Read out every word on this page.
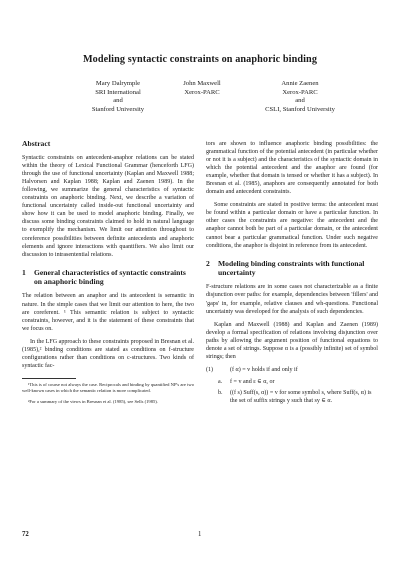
Modeling syntactic constraints on anaphoric binding
Mary Dalrymple
SRI International
and
Stanford University
John Maxwell
Xerox-PARC
Annie Zaenen
Xerox-PARC
and
CSLI, Stanford University
Abstract

Syntactic constraints on antecedent-anaphor relations can be stated within the theory of Lexical Functional Grammar (henceforth LFG) through the use of functional uncertainty (Kaplan and Maxwell 1988; Halvorsen and Kaplan 1988; Kaplan and Zaenen 1989). In the following, we summarize the general characteristics of syntactic constraints on anaphoric binding. Next, we describe a variation of functional uncertainty called inside-out functional uncertainty and show how it can be used to model anaphoric binding. Finally, we discuss some binding constraints claimed to hold in natural language to exemplify the mechanism. We limit our attention throughout to coreference possibilities between definite antecedents and anaphoric elements and ignore interactions with quantifiers. We also limit our discussion to intrasentential relations.

1	General characteristics of syntactic constraints on anaphoric binding

The relation between an anaphor and its antecedent is semantic in nature. In the simple cases that we limit our attention to here, the two are coreferent. ¹ This semantic relation is subject to syntactic constraints, however, and it is the statement of these constraints that we focus on.

In the LFG approach to these constraints proposed in Bresnan et al. (1985),² binding conditions are stated as conditions on f-structure configurations rather than conditions on c-structures. Two kinds of syntactic fac-

¹This is of course not always the case. Reciprocals and binding by quantified NP's are two well-known cases in which the semantic relation is more complicated.

²For a summary of the views in Bresnan et al. (1985), see Sells (1985).

tors are shown to influence anaphoric binding possibilities: the grammatical function of the potential antecedent (in particular whether or not it is a subject) and the characteristics of the syntactic domain in which the potential antecedent and the anaphor are found (for example, whether that domain is tensed or whether it has a subject). In Bresnan et al. (1985), anaphors are consequently annotated for both domain and antecedent constraints.

Some constraints are stated in positive terms: the antecedent must be found within a particular domain or have a particular function. In other cases the constraints are negative: the antecedent and the anaphor cannot both be part of a particular domain, or the antecedent cannot bear a particular grammatical function. Under such negative conditions, the anaphor is disjoint in reference from its antecedent.

2	Modeling binding constraints with functional uncertainty

F-structure relations are in some cases not characterizable as a finite disjunction over paths: for example, dependencies between 'fillers' and 'gaps' in, for example, relative clauses and wh-questions. Functional uncertainty was developed for the analysis of such dependencies.

Kaplan and Maxwell (1988) and Kaplan and Zaenen (1989) develop a formal specification of relations involving disjunction over paths by allowing the argument position of functional equations to denote a set of strings. Suppose α is a (possibly infinite) set of symbol strings; then

(1)	(f α) = v holds if and only if
a.	f = v and ε ∈ α, or
b.	((f s) Suff(s, α)) = v for some symbol s, where Suff(s, α) is the set of suffix strings y such that sy ∈ α.
72	1
